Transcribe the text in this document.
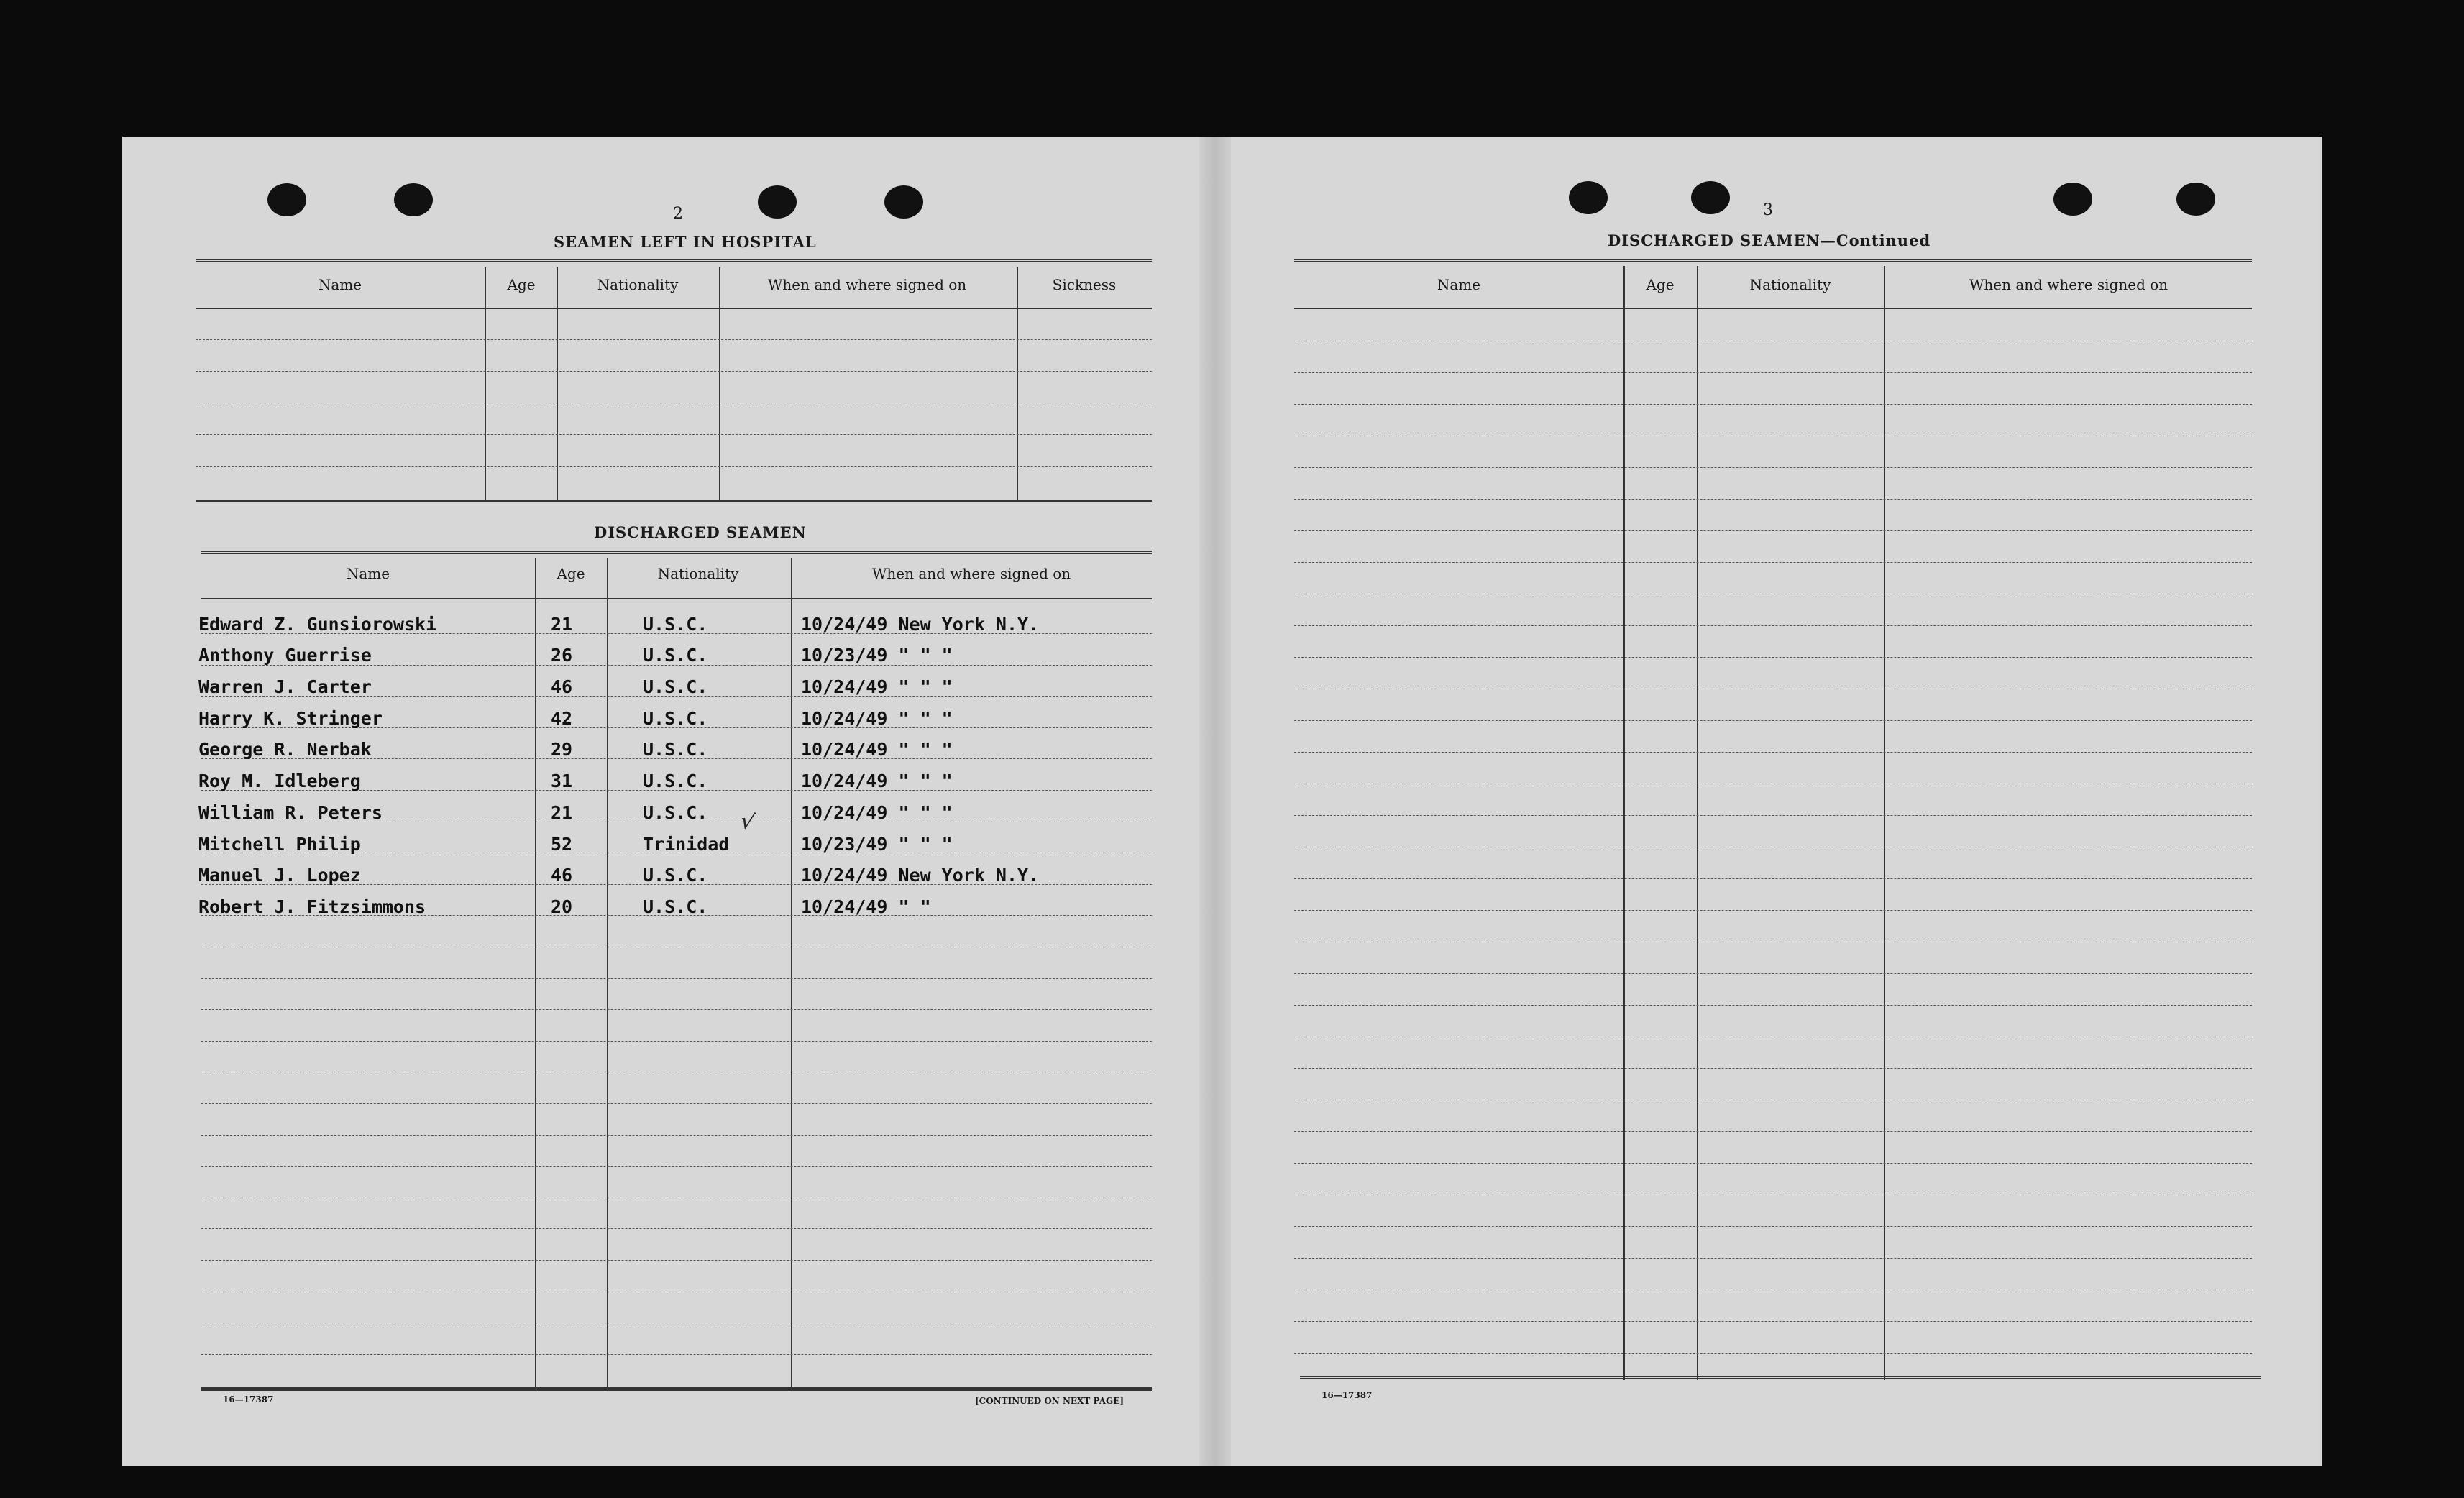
2
SEAMEN LEFT IN HOSPITAL
Name	Age	Nationality	When and where signed on	Sickness
DISCHARGED SEAMEN
Name	Age	Nationality	When and where signed on
Edward Z. Gunsiorowski	21	U.S.C.	10/24/49 New York N.Y.
Anthony Guerrise	26	U.S.C.	10/23/49 " " "
Warren J. Carter	46	U.S.C.	10/24/49 " " "
Harry K. Stringer	42	U.S.C.	10/24/49 " " "
George R. Nerbak	29	U.S.C.	10/24/49 " " "
Roy M. Idleberg	31	U.S.C.	10/24/49 " " "
William R. Peters	21	U.S.C.	10/24/49 " " "
Mitchell Philip	52	Trinidad	10/23/49 " " "
√
Manuel J. Lopez	46	U.S.C.	10/24/49 New York N.Y.
Robert J. Fitzsimmons	20	U.S.C.	10/24/49 " "
16—17387	[CONTINUED ON NEXT PAGE]
3
DISCHARGED SEAMEN—Continued
Name	Age	Nationality	When and where signed on
16—17387
